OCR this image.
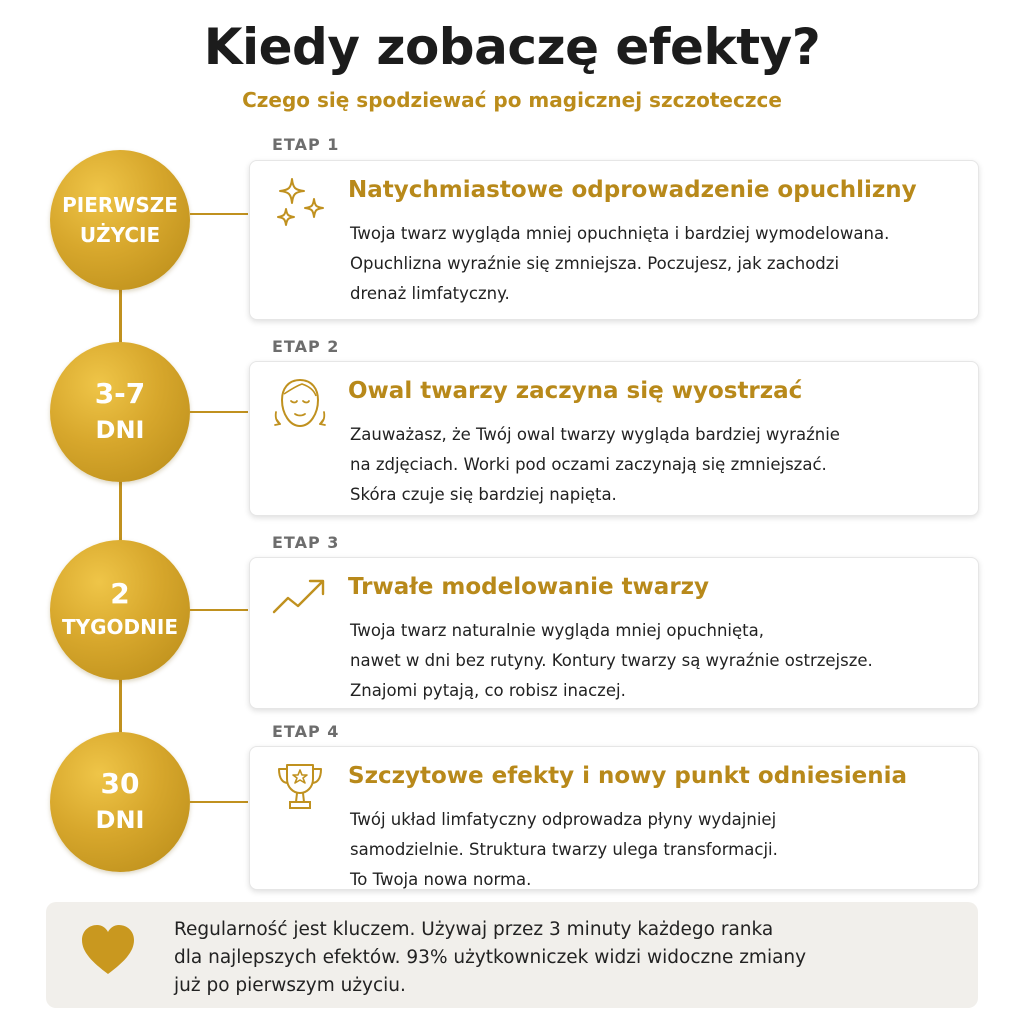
Kiedy zobaczę efekty?
Czego się spodziewać po magicznej szczoteczce
PIERWSZE
UŻYCIE
ETAP 1
Natychmiastowe odprowadzenie opuchlizny
Twoja twarz wygląda mniej opuchnięta i bardziej wymodelowana.
Opuchlizna wyraźnie się zmniejsza. Poczujesz, jak zachodzi
drenaż limfatyczny.
3-7
DNI
ETAP 2
Owal twarzy zaczyna się wyostrzać
Zauważasz, że Twój owal twarzy wygląda bardziej wyraźnie
na zdjęciach. Worki pod oczami zaczynają się zmniejszać.
Skóra czuje się bardziej napięta.
2
TYGODNIE
ETAP 3
Trwałe modelowanie twarzy
Twoja twarz naturalnie wygląda mniej opuchnięta,
nawet w dni bez rutyny. Kontury twarzy są wyraźnie ostrzejsze.
Znajomi pytają, co robisz inaczej.
30
DNI
ETAP 4
Szczytowe efekty i nowy punkt odniesienia
Twój układ limfatyczny odprowadza płyny wydajniej
samodzielnie. Struktura twarzy ulega transformacji.
To Twoja nowa norma.
Regularność jest kluczem. Używaj przez 3 minuty każdego ranka
dla najlepszych efektów. 93% użytkowniczek widzi widoczne zmiany
już po pierwszym użyciu.
